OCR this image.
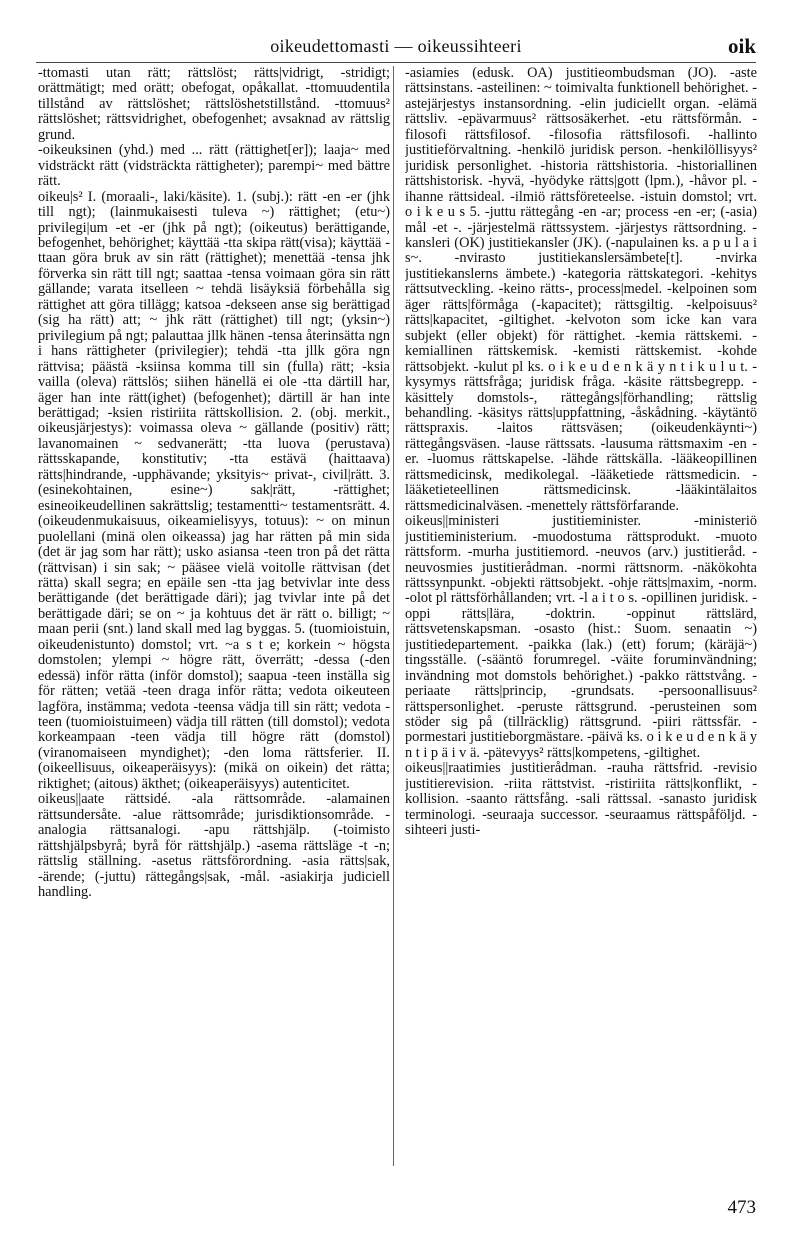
oikeudettomasti — oikeussihteeri	oik

-ttomasti utan rätt; rättslöst; rätts|vidrigt, -stridigt; orättmätigt; med orätt; obefogat, opåkallat. -ttomuudentila tillstånd av rättslöshet; rättslöshetstillstånd. -ttomuus² rättslöshet; rättsvidrighet, obefogenhet; avsaknad av rättslig grund.

-oikeuksinen (yhd.) med ... rätt (rättighet[er]); laaja~ med vidsträckt rätt (vidsträckta rättigheter); parempi~ med bättre rätt.

oikeu|s² I. (moraali-, laki/käsite). 1. (subj.): rätt -en -er (jhk till ngt); (lainmukaisesti tuleva ~) rättighet; (etu~) privilegi|um -et -er (jhk på ngt); (oikeutus) berättigande, befogenhet, behörighet; käyttää -tta skipa rätt(visa); käyttää -ttaan göra bruk av sin rätt (rättighet); menettää -tensa jhk förverka sin rätt till ngt; saattaa -tensa voimaan göra sin rätt gällande; varata itselleen ~ tehdä lisäyksiä förbehålla sig rättighet att göra tillägg; katsoa -dekseen anse sig berättigad (sig ha rätt) att; ~ jhk rätt (rättighet) till ngt; (yksin~) privilegium på ngt; palauttaa jllk hänen -tensa återinsätta ngn i hans rättigheter (privilegier); tehdä -tta jllk göra ngn rättvisa; päästä -ksiinsa komma till sin (fulla) rätt; -ksia vailla (oleva) rättslös; siihen hänellä ei ole -tta därtill har, äger han inte rätt(ighet) (befogenhet); därtill är han inte berättigad; -ksien ristiriita rättskollision. 2. (obj. merkit., oikeusjärjestys): voimassa oleva ~ gällande (positiv) rätt; lavanomainen ~ sedvanerätt; -tta luova (perustava) rättsskapande, konstitutiv; -tta estävä (haittaava) rätts|hindrande, -upphävande; yksityis~ privat-, civil|rätt. 3. (esinekohtainen, esine~) sak|rätt, -rättighet; esineoikeudellinen sakrättslig; testamentti~ testamentsrätt. 4. (oikeudenmukaisuus, oikeamielisyys, totuus): ~ on minun puolellani (minä olen oikeassa) jag har rätten på min sida (det är jag som har rätt); usko asiansa -teen tron på det rätta (rättvisan) i sin sak; ~ pääsee vielä voitolle rättvisan (det rätta) skall segra; en epäile sen -tta jag betvivlar inte dess berättigande (det berättigade däri); jag tvivlar inte på det berättigade däri; se on ~ ja kohtuus det är rätt o. billigt; ~ maan perii (snt.) land skall med lag byggas. 5. (tuomioistuin, oikeudenistunto) domstol; vrt. ~a s t e; korkein ~ högsta domstolen; ylempi ~ högre rätt, överrätt; -dessa (-den edessä) inför rätta (inför domstol); saapua -teen inställa sig för rätten; vetää -teen draga inför rätta; vedota oikeuteen lagföra, instämma; vedota -teensa vädja till sin rätt; vedota -teen (tuomioistuimeen) vädja till rätten (till domstol); vedota korkeampaan -teen vädja till högre rätt (domstol) (viranomaiseen myndighet); -den loma rättsferier. II. (oikeellisuus, oikeaperäisyys): (mikä on oikein) det rätta; riktighet; (aitous) äkthet; (oikeaperäisyys) autenticitet.

oikeus||aate rättsidé. -ala rättsområde. -alamainen rättsundersåte. -alue rättsområde; jurisdiktionsområde. -analogia rättsanalogi. -apu rättshjälp. (-toimisto rättshjälpsbyrå; byrå för rättshjälp.) -asema rättsläge -t -n; rättslig ställning. -asetus rättsförordning. -asia rätts|sak, -ärende; (-juttu) rättegångs|sak, -mål. -asiakirja judiciell handling.

-asiamies (edusk. OA) justitieombudsman (JO). -aste rättsinstans. -asteilinen: ~ toimivalta funktionell behörighet. -astejärjestys instansordning. -elin judiciellt organ. -elämä rättsliv. -epävarmuus² rättsosäkerhet. -etu rättsförmån. -filosofi rättsfilosof. -filosofia rättsfilosofi. -hallinto justitieförvaltning. -henkilö juridisk person. -henkilöllisyys² juridisk personlighet. -historia rättshistoria. -historiallinen rättshistorisk. -hyvä, -hyödyke rätts|gott (lpm.), -håvor pl. -ihanne rättsideal. -ilmiö rättsföreteelse. -istuin domstol; vrt. o i k e u s 5. -juttu rättegång -en -ar; process -en -er; (-asia) mål -et -. -järjestelmä rättssystem. -järjestys rättsordning. -kansleri (OK) justitiekansler (JK). (-napulainen ks. a p u l a i s~. -nvirasto justitiekanslersämbete[t]. -nvirka justitiekanslerns ämbete.) -kategoria rättskategori. -kehitys rättsutveckling. -keino rätts-, process|medel. -kelpoinen som äger rätts|förmåga (-kapacitet); rättsgiltig. -kelpoisuus² rätts|kapacitet, -giltighet. -kelvoton som icke kan vara subjekt (eller objekt) för rättighet. -kemia rättskemi. -kemiallinen rättskemisk. -kemisti rättskemist. -kohde rättsobjekt. -kulut pl ks. o i k e u d e n k ä y n t i k u l u t. -kysymys rättsfråga; juridisk fråga. -käsite rättsbegrepp. -käsittely domstols-, rättegångs|förhandling; rättslig behandling. -käsitys rätts|uppfattning, -åskådning. -käytäntö rättspraxis. -laitos rättsväsen; (oikeudenkäynti~) rättegångsväsen. -lause rättssats. -lausuma rättsmaxim -en -er. -luomus rättskapelse. -lähde rättskälla. -lääkeopillinen rättsmedicinsk, medikolegal. -lääketiede rättsmedicin. -lääketieteellinen rättsmedicinsk. -lääkintälaitos rättsmedicinalväsen. -menettely rättsförfarande.

oikeus||ministeri justitieminister. -ministeriö justitieministerium. -muodostuma rättsprodukt. -muoto rättsform. -murha justitiemord. -neuvos (arv.) justitieråd. -neuvosmies justitierådman. -normi rättsnorm. -näkökohta rättssynpunkt. -objekti rättsobjekt. -ohje rätts|maxim, -norm. -olot pl rättsförhållanden; vrt. -l a i t o s. -opillinen juridisk. -oppi rätts|lära, -doktrin. -oppinut rättslärd, rättsvetenskapsman. -osasto (hist.: Suom. senaatin ~) justitiedepartement. -paikka (lak.) (ett) forum; (käräjä~) tingsställe. (-sääntö forumregel. -väite foruminvändning; invändning mot domstols behörighet.) -pakko rättstvång. -periaate rätts|princip, -grundsats. -persoonallisuus² rättspersonlighet. -peruste rättsgrund. -perusteinen som stöder sig på (tillräcklig) rättsgrund. -piiri rättssfär. -pormestari justitieborgmästare. -päivä ks. o i k e u d e n k ä y n t i p ä i v ä. -pätevyys² rätts|kompetens, -giltighet.

oikeus||raatimies justitierådman. -rauha rättsfrid. -revisio justitierevision. -riita rättstvist. -ristiriita rätts|konflikt, -kollision. -saanto rättsfång. -sali rättssal. -sanasto juridisk terminologi. -seuraaja successor. -seuraamus rättspåföljd. -sihteeri justi-

473
